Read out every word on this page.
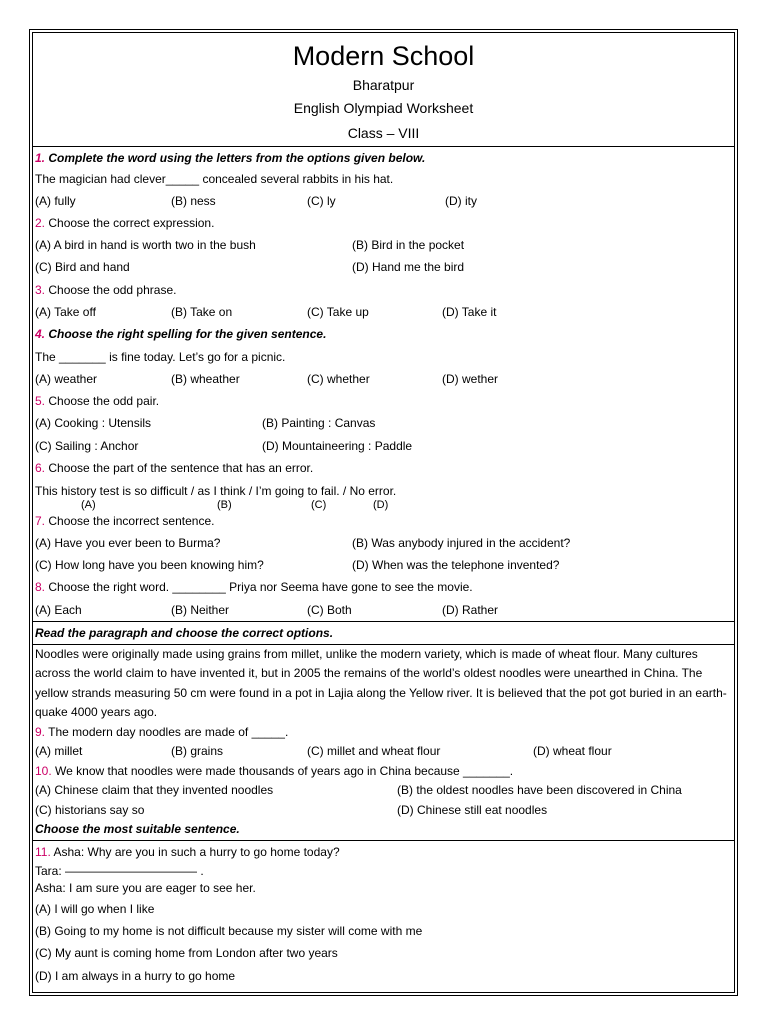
Modern School
Bharatpur
English Olympiad Worksheet
Class – VIII
1. Complete the word using the letters from the options given below.
The magician had clever_____ concealed several rabbits in his hat.
(A) fully	(B) ness	(C) ly	(D) ity
2. Choose the correct expression.
(A) A bird in hand is worth two in the bush	(B) Bird in the pocket
(C) Bird and hand	(D) Hand me the bird
3. Choose the odd phrase.
(A) Take off	(B) Take on	(C) Take up	(D) Take it
4. Choose the right spelling for the given sentence.
The _______ is fine today. Let’s go for a picnic.
(A) weather	(B) wheather	(C) whether	(D) wether
5. Choose the odd pair.
(A) Cooking : Utensils	(B) Painting : Canvas
(C) Sailing : Anchor	(D) Mountaineering : Paddle
6. Choose the part of the sentence that has an error.
This history test is so difficult / as I think / I’m going to fail. / No error.
(A)	(B)	(C)	(D)
7. Choose the incorrect sentence.
(A) Have you ever been to Burma?	(B) Was anybody injured in the accident?
(C) How long have you been knowing him?	(D) When was the telephone invented?
8. Choose the right word. ________ Priya nor Seema have gone to see the movie.
(A) Each	(B) Neither	(C) Both	(D) Rather
Read the paragraph and choose the correct options.
Noodles were originally made using grains from millet, unlike the modern variety, which is made of wheat flour. Many cultures across the world claim to have invented it, but in 2005 the remains of the world’s oldest noodles were unearthed in China. The yellow strands measuring 50 cm were found in a pot in Lajia along the Yellow river. It is believed that the pot got buried in an earth-quake 4000 years ago.
9. The modern day noodles are made of _____.
(A) millet	(B) grains	(C) millet and wheat flour	(D) wheat flour
10. We know that noodles were made thousands of years ago in China because _______.
(A) Chinese claim that they invented noodles	(B) the oldest noodles have been discovered in China
(C) historians say so	(D) Chinese still eat noodles
Choose the most suitable sentence.
11. Asha: Why are you in such a hurry to go home today?
Tara: ——————————— .
Asha: I am sure you are eager to see her.
(A) I will go when I like
(B) Going to my home is not difficult because my sister will come with me
(C) My aunt is coming home from London after two years
(D) I am always in a hurry to go home
